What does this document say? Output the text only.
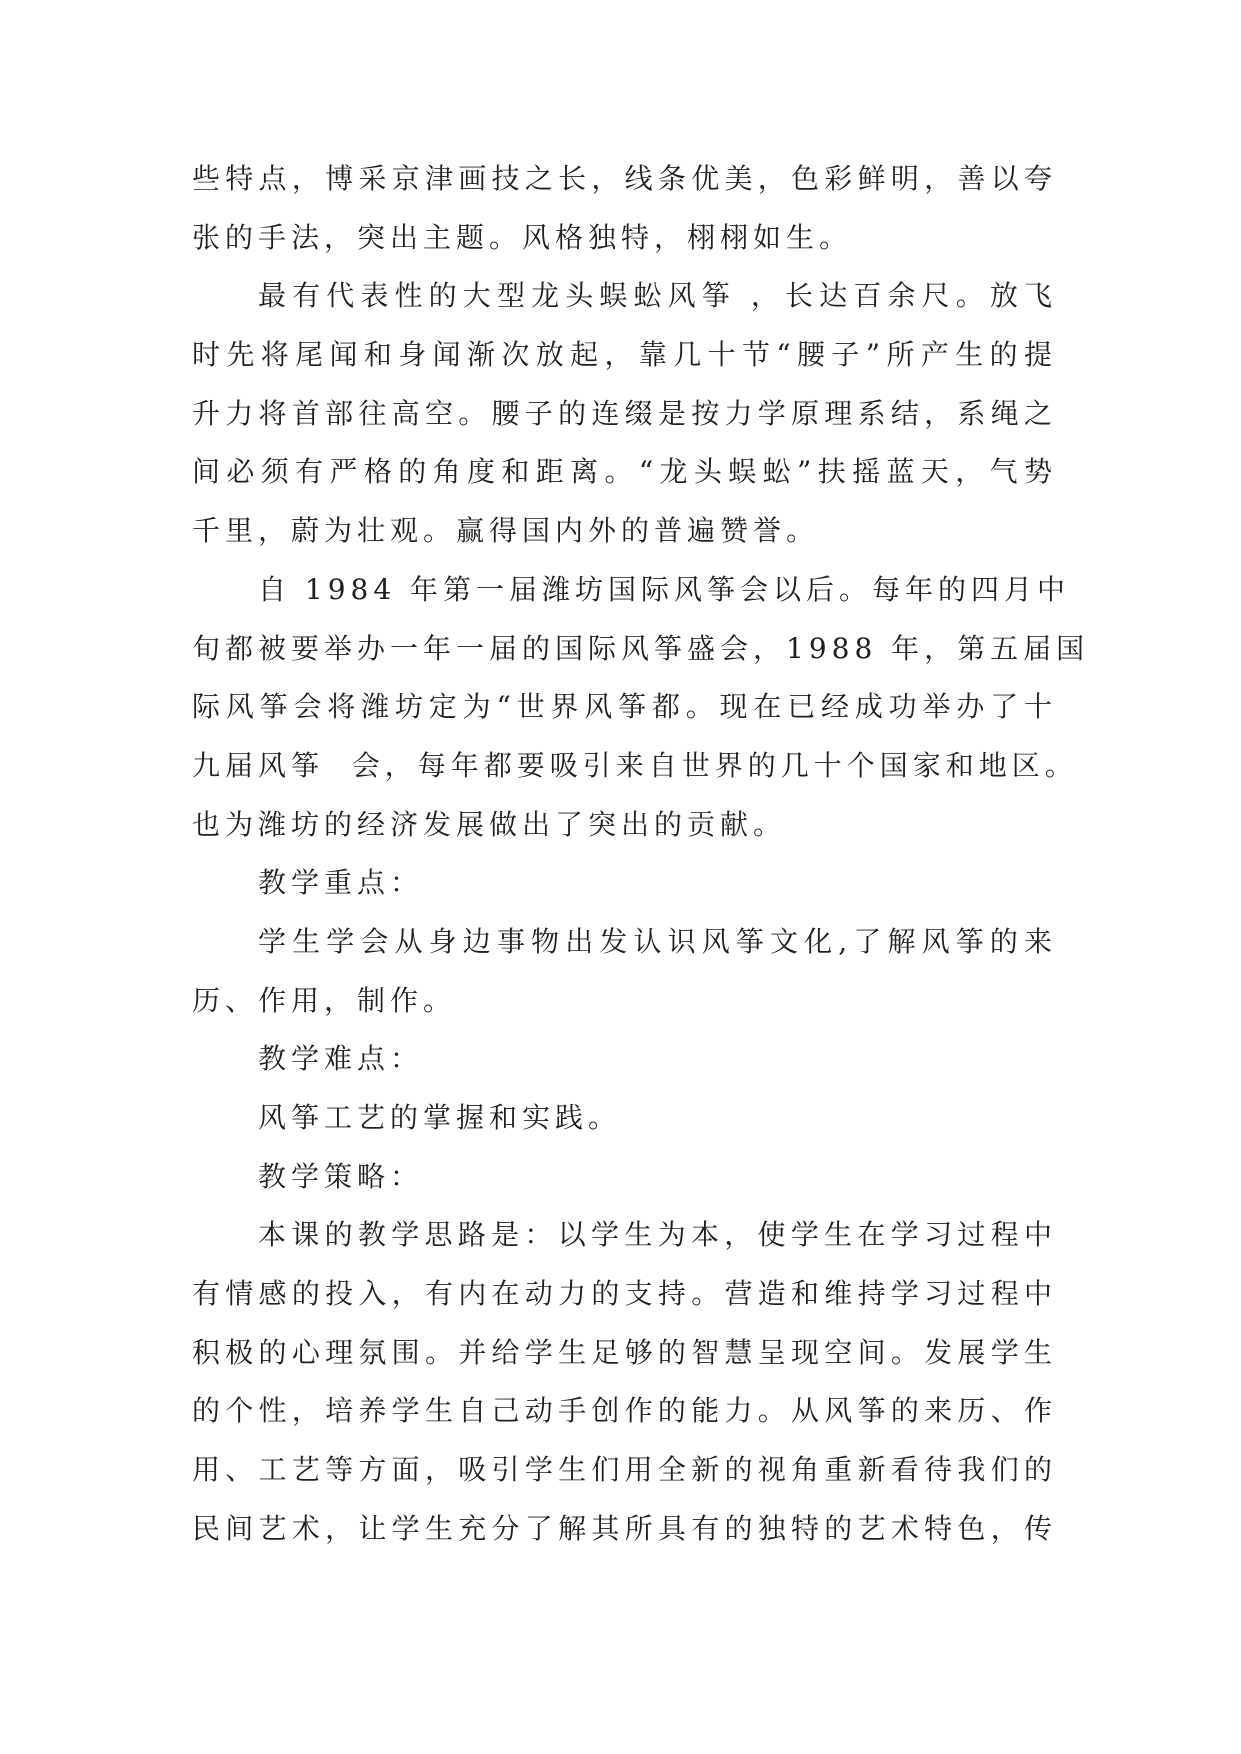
些特点，博采京津画技之长，线条优美，色彩鲜明，善以夸
张的手法，突出主题。风格独特，栩栩如生。
最有代表性的大型龙头蜈蚣风筝 ，长达百余尺。放飞
时先将尾闻和身闻渐次放起，靠几十节“腰子”所产生的提
升力将首部往高空。腰子的连缀是按力学原理系结，系绳之
间必须有严格的角度和距离。“龙头蜈蚣”扶摇蓝天，气势
千里，蔚为壮观。赢得国内外的普遍赞誉。
自 1984 年第一届潍坊国际风筝会以后。每年的四月中
旬都被要举办一年一届的国际风筝盛会，1988 年，第五届国
际风筝会将潍坊定为“世界风筝都。现在已经成功举办了十
九届风筝  会，每年都要吸引来自世界的几十个国家和地区。
也为潍坊的经济发展做出了突出的贡献。
教学重点：
学生学会从身边事物出发认识风筝文化,了解风筝的来
历、作用，制作。
教学难点：
风筝工艺的掌握和实践。
教学策略：
本课的教学思路是：以学生为本，使学生在学习过程中
有情感的投入，有内在动力的支持。营造和维持学习过程中
积极的心理氛围。并给学生足够的智慧呈现空间。发展学生
的个性，培养学生自己动手创作的能力。从风筝的来历、作
用、工艺等方面，吸引学生们用全新的视角重新看待我们的
民间艺术，让学生充分了解其所具有的独特的艺术特色，传
